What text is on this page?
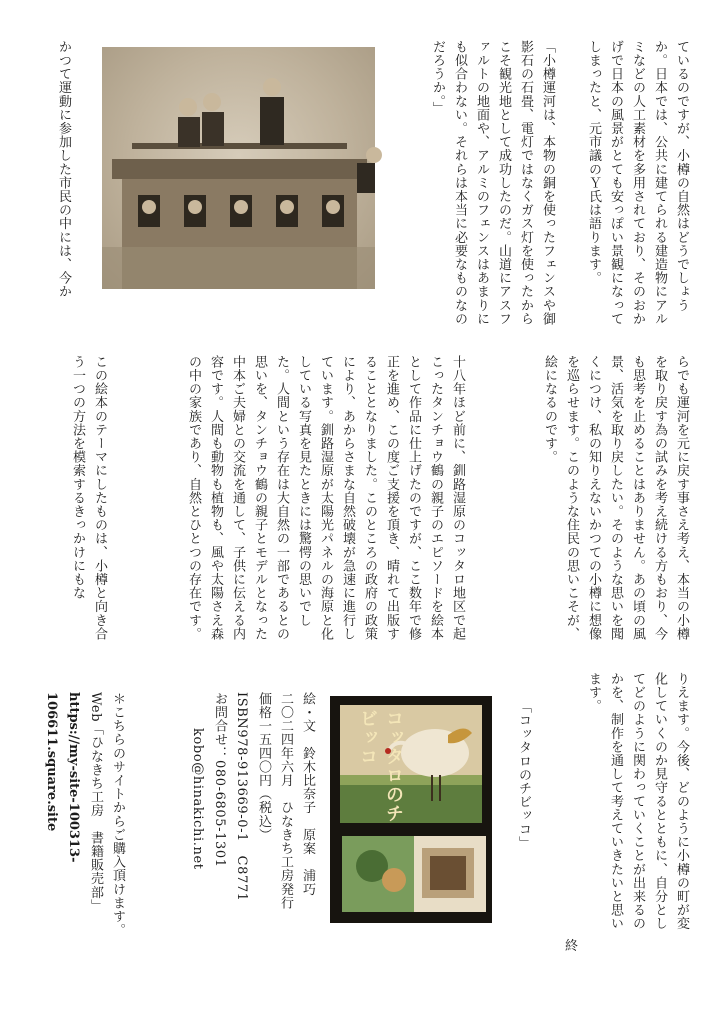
ているのですが、小樽の自然はどうでしょうか。日本では、公共に建てられる建造物にアルミなどの人工素材を多用されており、そのおかげで日本の風景がとても安っぽい景観になってしまったと、元市議のＹ氏は語ります。

「小樽運河は、本物の銅を使ったフェンスや御影石の石畳、電灯ではなくガス灯を使ったからこそ観光地として成功したのだ。山道にアスファルトの地面や、アルミのフェンスはあまりにも似合わない。それらは本当に必要なものなのだろうか。」

かつて運動に参加した市民の中には、今か

らでも運河を元に戻す事さえ考え、本当の小樽を取り戻す為の試みを考え続ける方もおり、今も思考を止めることはありません。あの頃の風景、活気を取り戻したい。そのような思いを聞くにつけ、私の知りえないかつての小樽に想像を巡らせます。このような住民の思いこそが、絵になるのです。

十八年ほど前に、釧路湿原のコッタロ地区で起こったタンチョウ鶴の親子のエピソードを絵本として作品に仕上げたのですが、ここ数年で修正を進め、この度ご支援を頂き、晴れて出版することとなりました。このところの政府の政策により、あからさまな自然破壊が急速に進行しています。釧路湿原が太陽光パネルの海原と化している写真を見たときには驚愕の思いでした。人間という存在は大自然の一部であるとの思いを、タンチョウ鶴の親子とモデルとなった中本ご夫婦との交流を通して、子供に伝える内容です。人間も動物も植物も、風や太陽さえ森の中の家族であり、自然とひとつの存在です。

この絵本のテーマにしたものは、小樽と向き合う一つの方法を模索するきっかけにもな

りえます。今後、どのように小樽の町が変化していくのか見守るとともに、自分としてどのように関わっていくことが出来るのかを、制作を通して考えていきたいと思います。

終

「コッタロのチビッコ」

コッタロのチビッコ

絵・文　鈴木比奈子　原案　浦巧

二〇二四年六月　ひなきち工房発行

価格一五四〇円（税込）

ISBN978-913669-0-1　C8771

お問合せ：080-6805-1301

kobo@hinakichi.net

＊こちらのサイトからご購入頂けます。

Web「ひなきち工房　書籍販売部」

https://my-site-100313-106611.square.site
